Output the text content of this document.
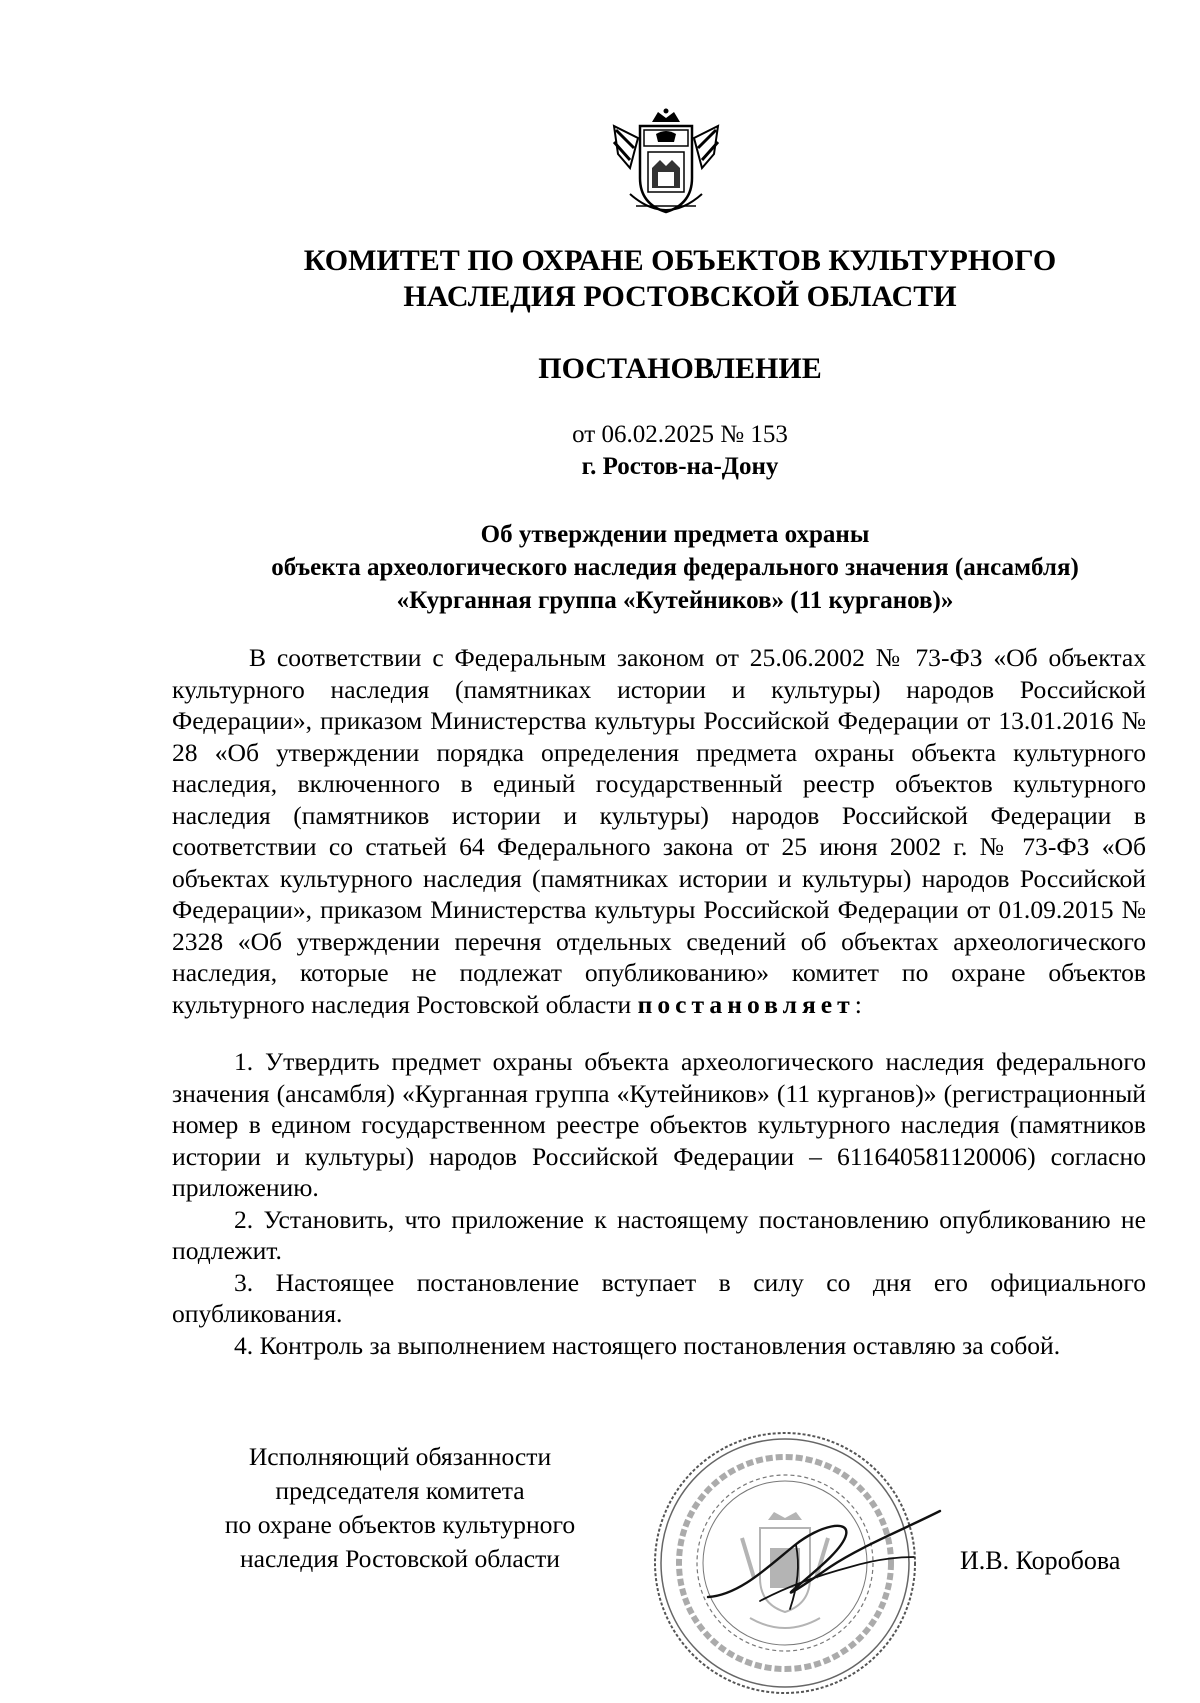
КОМИТЕТ ПО ОХРАНЕ ОБЪЕКТОВ КУЛЬТУРНОГО
НАСЛЕДИЯ РОСТОВСКОЙ ОБЛАСТИ
ПОСТАНОВЛЕНИЕ
от 06.02.2025 № 153
г. Ростов-на-Дону
Об утверждении предмета охраны
объекта археологического наследия федерального значения (ансамбля)
«Курганная группа «Кутейников» (11 курганов)»

В соответствии с Федеральным законом от 25.06.2002 № 73-ФЗ «Об объектах культурного наследия (памятниках истории и культуры) народов Российской Федерации», приказом Министерства культуры Российской Федерации от 13.01.2016 № 28 «Об утверждении порядка определения предмета охраны объекта культурного наследия, включенного в единый государственный реестр объектов культурного наследия (памятников истории и культуры) народов Российской Федерации в соответствии со статьей 64 Федерального закона от 25 июня 2002 г. № 73-ФЗ «Об объектах культурного наследия (памятниках истории и культуры) народов Российской Федерации», приказом Министерства культуры Российской Федерации от 01.09.2015 № 2328 «Об утверждении перечня отдельных сведений об объектах археологического наследия, которые не подлежат опубликованию» комитет по охране объектов культурного наследия Ростовской области постановляет:

1. Утвердить предмет охраны объекта археологического наследия федерального значения (ансамбля) «Курганная группа «Кутейников» (11 курганов)» (регистрационный номер в едином государственном реестре объектов культурного наследия (памятников истории и культуры) народов Российской Федерации – 611640581120006) согласно приложению.

2. Установить, что приложение к настоящему постановлению опубликованию не подлежит.

3. Настоящее постановление вступает в силу со дня его официального опубликования.

4. Контроль за выполнением настоящего постановления оставляю за собой.

Исполняющий обязанности
председателя комитета
по охране объектов культурного
наследия Ростовской области	И.В. Коробова
